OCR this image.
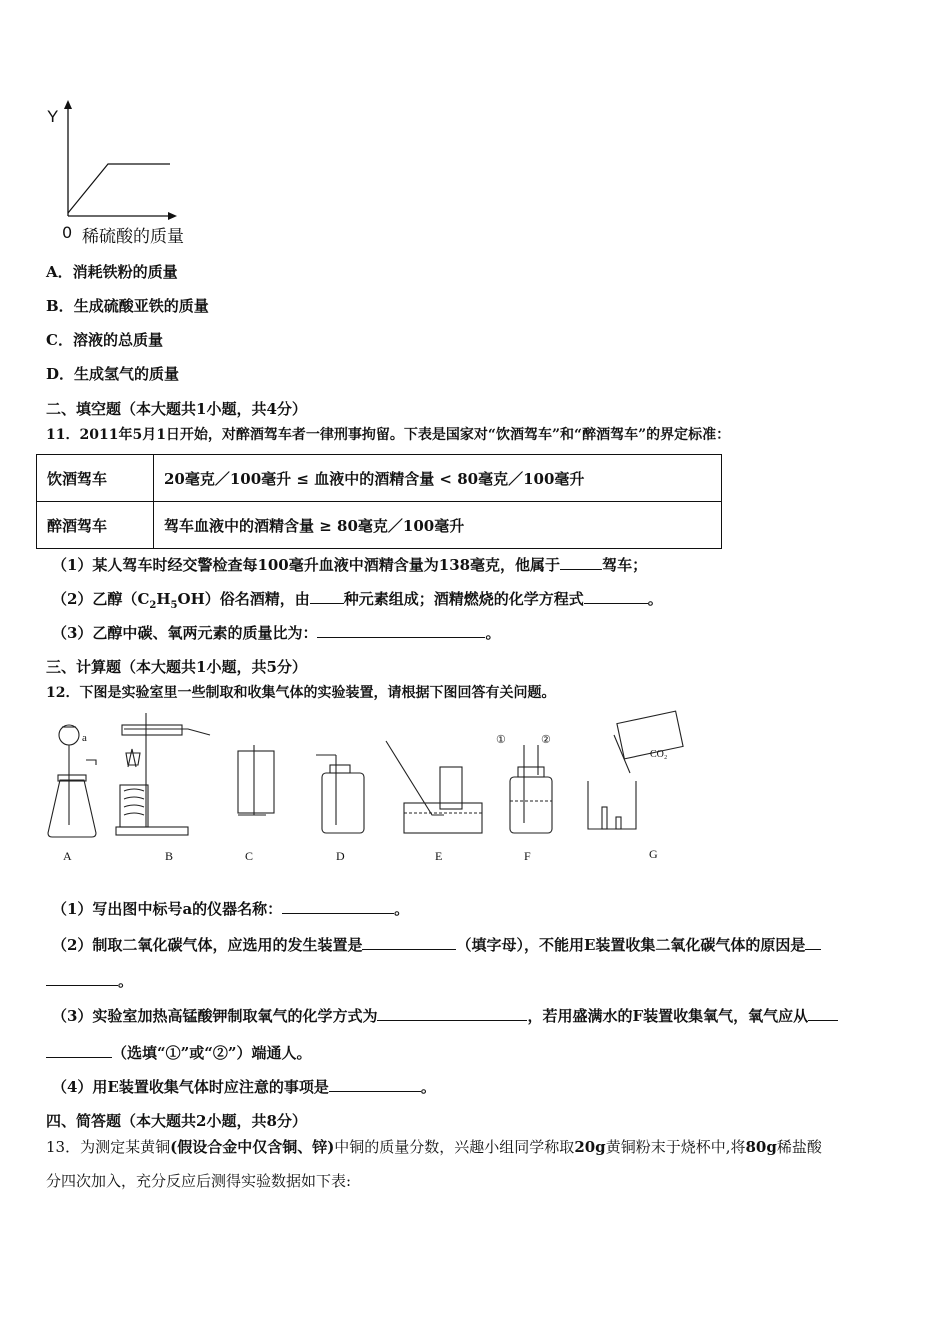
Y
0 稀硫酸的质量
A．消耗铁粉的质量
B．生成硫酸亚铁的质量
C．溶液的总质量
D．生成氢气的质量
二、填空题（本大题共1小题，共4分）
11．2011年5月1日开始，对醉酒驾车者一律刑事拘留。下表是国家对“饮酒驾车”和“醉酒驾车”的界定标准：
饮酒驾车	20毫克／100毫升 ≤ 血液中的酒精含量 < 80毫克／100毫升
醉酒驾车	驾车血液中的酒精含量 ≥ 80毫克／100毫升
（1）某人驾车时经交警检查每100毫升血液中酒精含量为138毫克，他属于	驾车；
（2）乙醇$(C_2H_5OH)$俗名酒精，由 种元素组成；酒精燃烧的化学方程式	。
（3）乙醇中碳、氧两元素的质量比为：	。
三、计算题（本大题共1小题，共5分）
12．下图是实验室里一些制取和收集气体的实验装置，请根据下图回答有关问题。
A	B	C	D	E	F	G
a	①	②
CO₂
（1）写出图中标号a的仪器名称：	。
（2）制取二氧化碳气体，应选用的发生装置是	（填字母），不能用E装置收集二氧化碳气体的原因是
。
（3）实验室加热高锰酸钾制取氧气的化学方式为	，若用盛满水的F装置收集氧气，氧气应从
（选填“①”或“②”）端通人。
（4）用E装置收集气体时应注意的事项是	。
四、简答题（本大题共2小题，共8分）
13．为测定某黄铜(假设合金中仅含铜、锌)中铜的质量分数，兴趣小组同学称取20g黄铜粉末于烧杯中,将80g稀盐酸
分四次加入，充分反应后测得实验数据如下表:
